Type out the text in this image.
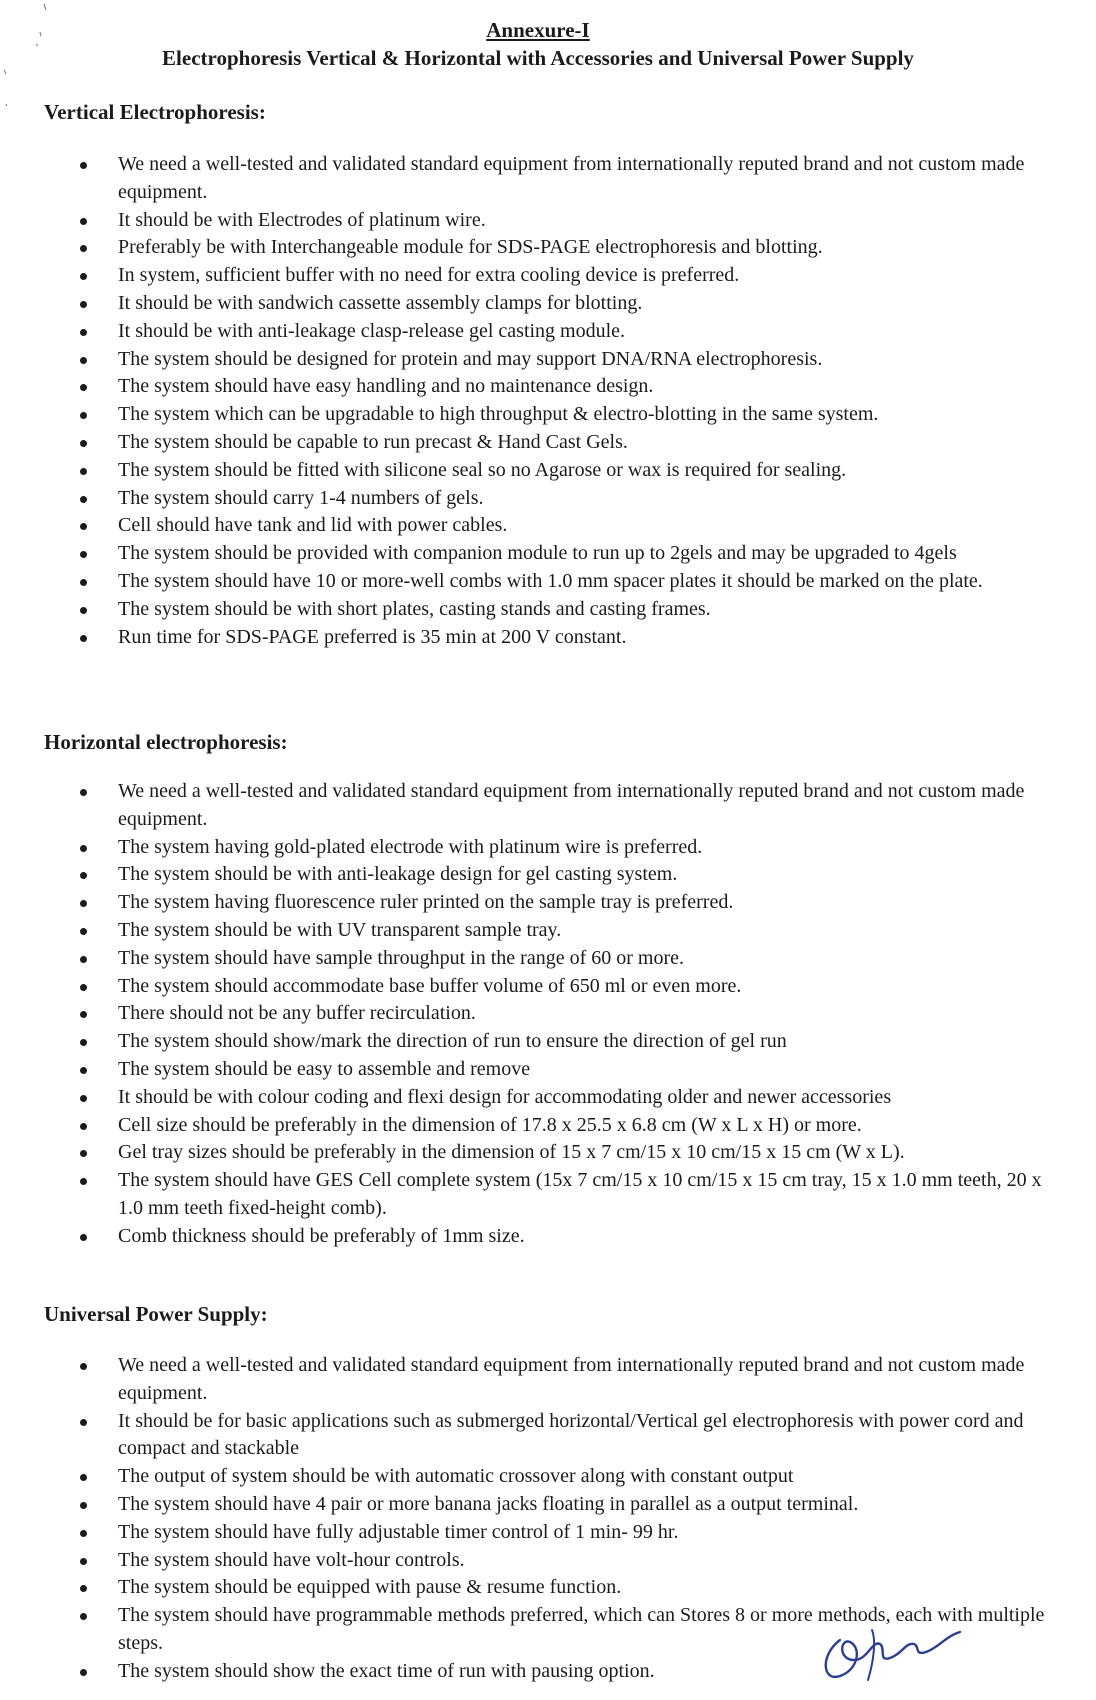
Annexure-I
Electrophoresis Vertical & Horizontal with Accessories and Universal Power Supply
Vertical Electrophoresis:
We need a well-tested and validated standard equipment from internationally reputed brand and not custom made equipment.
It should be with Electrodes of platinum wire.
Preferably be with Interchangeable module for SDS-PAGE electrophoresis and blotting.
In system, sufficient buffer with no need for extra cooling device is preferred.
It should be with sandwich cassette assembly clamps for blotting.
It should be with anti-leakage clasp-release gel casting module.
The system should be designed for protein and may support DNA/RNA electrophoresis.
The system should have easy handling and no maintenance design.
The system which can be upgradable to high throughput & electro-blotting in the same system.
The system should be capable to run precast & Hand Cast Gels.
The system should be fitted with silicone seal so no Agarose or wax is required for sealing.
The system should carry 1-4 numbers of gels.
Cell should have tank and lid with power cables.
The system should be provided with companion module to run up to 2gels and may be upgraded to 4gels
The system should have 10 or more-well combs with 1.0 mm spacer plates it should be marked on the plate.
The system should be with short plates, casting stands and casting frames.
Run time for SDS-PAGE preferred is 35 min at 200 V constant.
Horizontal electrophoresis:
We need a well-tested and validated standard equipment from internationally reputed brand and not custom made equipment.
The system having gold-plated electrode with platinum wire is preferred.
The system should be with anti-leakage design for gel casting system.
The system having fluorescence ruler printed on the sample tray is preferred.
The system should be with UV transparent sample tray.
The system should have sample throughput in the range of 60 or more.
The system should accommodate base buffer volume of 650 ml or even more.
There should not be any buffer recirculation.
The system should show/mark the direction of run to ensure the direction of gel run
The system should be easy to assemble and remove
It should be with colour coding and flexi design for accommodating older and newer accessories
Cell size should be preferably in the dimension of 17.8 x 25.5 x 6.8 cm (W x L x H) or more.
Gel tray sizes should be preferably in the dimension of 15 x 7 cm/15 x 10 cm/15 x 15 cm (W x L).
The system should have GES Cell complete system (15x 7 cm/15 x 10 cm/15 x 15 cm tray, 15 x 1.0 mm teeth, 20 x 1.0 mm teeth fixed-height comb).
Comb thickness should be preferably of 1mm size.
Universal Power Supply:
We need a well-tested and validated standard equipment from internationally reputed brand and not custom made equipment.
It should be for basic applications such as submerged horizontal/Vertical gel electrophoresis with power cord and compact and stackable
The output of system should be with automatic crossover along with constant output
The system should have 4 pair or more banana jacks floating in parallel as a output terminal.
The system should have fully adjustable timer control of 1 min- 99 hr.
The system should have volt-hour controls.
The system should be equipped with pause & resume function.
The system should have programmable methods preferred, which can Stores 8 or more methods, each with multiple steps.
The system should show the exact time of run with pausing option.
